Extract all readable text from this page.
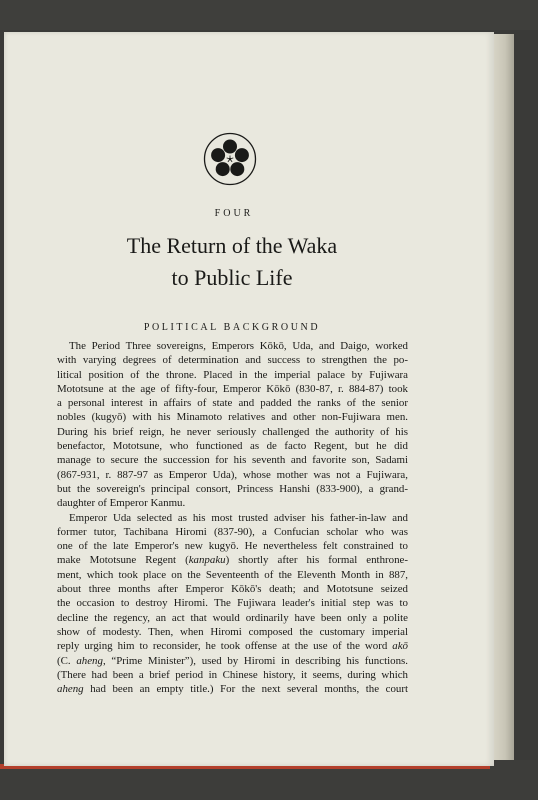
FOUR
The Return of the Waka
to Public Life
POLITICAL BACKGROUND
The Period Three sovereigns, Emperors Kōkō, Uda, and Daigo, worked
with varying degrees of determination and success to strengthen the po-
litical position of the throne. Placed in the imperial palace by Fujiwara
Mototsune at the age of fifty-four, Emperor Kōkō (830-87, r. 884-87) took
a personal interest in affairs of state and padded the ranks of the senior
nobles (kugyō) with his Minamoto relatives and other non-Fujiwara men.
During his brief reign, he never seriously challenged the authority of his
benefactor, Mototsune, who functioned as de facto Regent, but he did
manage to secure the succession for his seventh and favorite son, Sadami
(867-931, r. 887-97 as Emperor Uda), whose mother was not a Fujiwara,
but the sovereign's principal consort, Princess Hanshi (833-900), a grand-
daughter of Emperor Kanmu.
Emperor Uda selected as his most trusted adviser his father-in-law and
former tutor, Tachibana Hiromi (837-90), a Confucian scholar who was
one of the late Emperor's new kugyō. He nevertheless felt constrained to
make Mototsune Regent (kanpaku) shortly after his formal enthrone-
ment, which took place on the Seventeenth of the Eleventh Month in 887,
about three months after Emperor Kōkō's death; and Mototsune seized
the occasion to destroy Hiromi. The Fujiwara leader's initial step was to
decline the regency, an act that would ordinarily have been only a polite
show of modesty. Then, when Hiromi composed the customary imperial
reply urging him to reconsider, he took offense at the use of the word akō
(C. aheng, “Prime Minister”), used by Hiromi in describing his functions.
(There had been a brief period in Chinese history, it seems, during which
aheng had been an empty title.) For the next several months, the court
